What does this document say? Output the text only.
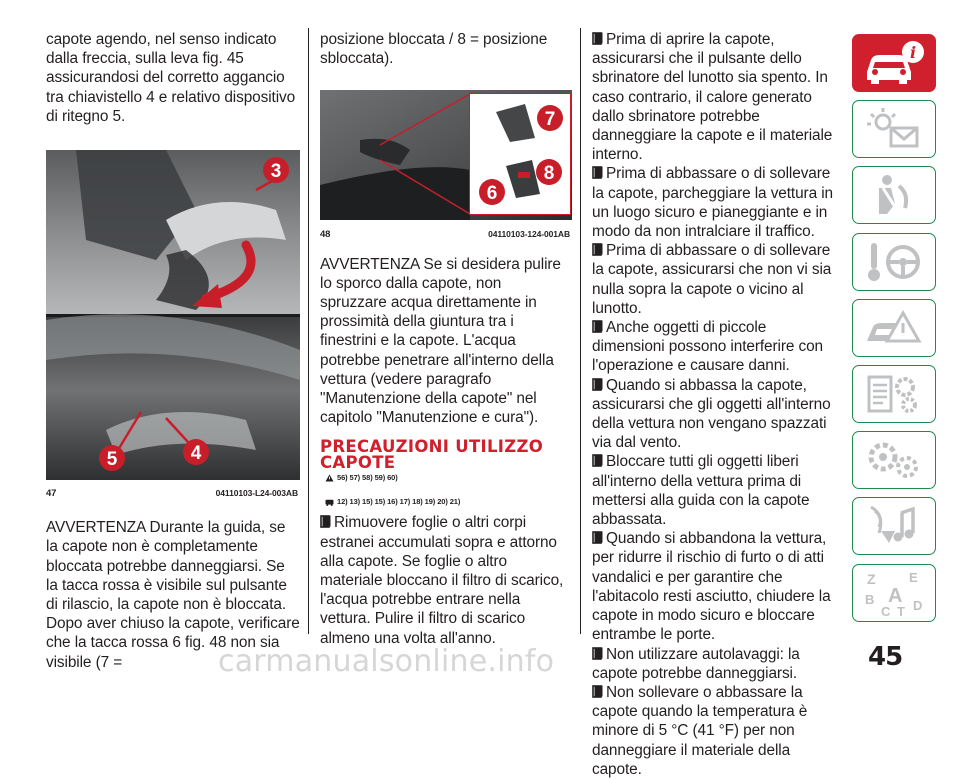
capote agendo, nel senso indicato dalla freccia, sulla leva fig. 45 assicurandosi del corretto aggancio tra chiavistello 4 e relativo dispositivo di ritegno 5.

3
5	4
47	04110103-L24-003AB

AVVERTENZA Durante la guida, se la capote non è completamente bloccata potrebbe danneggiarsi. Se la tacca rossa è visibile sul pulsante di rilascio, la capote non è bloccata. Dopo aver chiuso la capote, verificare che la tacca rossa 6 fig. 48 non sia visibile (7 =

posizione bloccata / 8 = posizione sbloccata).

7
8
6
48	04110103-124-001AB

AVVERTENZA Se si desidera pulire lo sporco dalla capote, non spruzzare acqua direttamente in prossimità della giuntura tra i finestrini e la capote. L'acqua potrebbe penetrare all'interno della vettura (vedere paragrafo "Manutenzione della capote" nel capitolo "Manutenzione e cura").

PRECAUZIONI UTILIZZO
CAPOTE
56) 57) 58) 59) 60)
12) 13) 15) 15) 16) 17) 18) 19) 20) 21)

Rimuovere foglie o altri corpi estranei accumulati sopra e attorno alla capote. Se foglie o altro materiale bloccano il filtro di scarico, l'acqua potrebbe entrare nella vettura. Pulire il filtro di scarico almeno una volta all'anno.

Prima di aprire la capote, assicurarsi che il pulsante dello sbrinatore del lunotto sia spento. In caso contrario, il calore generato dallo sbrinatore potrebbe danneggiare la capote e il materiale interno.

Prima di abbassare o di sollevare la capote, parcheggiare la vettura in un luogo sicuro e pianeggiante e in modo da non intralciare il traffico.

Prima di abbassare o di sollevare la capote, assicurarsi che non vi sia nulla sopra la capote o vicino al lunotto.

Anche oggetti di piccole dimensioni possono interferire con l'operazione e causare danni.

Quando si abbassa la capote, assicurarsi che gli oggetti all'interno della vettura non vengano spazzati via dal vento.

Bloccare tutti gli oggetti liberi all'interno della vettura prima di mettersi alla guida con la capote abbassata.

Quando si abbandona la vettura, per ridurre il rischio di furto o di atti vandalici e per garantire che l'abitacolo resti asciutto, chiudere la capote in modo sicuro e bloccare entrambe le porte.

Non utilizzare autolavaggi: la capote potrebbe danneggiarsi.

Non sollevare o abbassare la capote quando la temperatura è minore di 5 °C (41 °F) per non danneggiare il materiale della capote.

i
Z	E
B A
C T D
45
carmanualsonline.info
